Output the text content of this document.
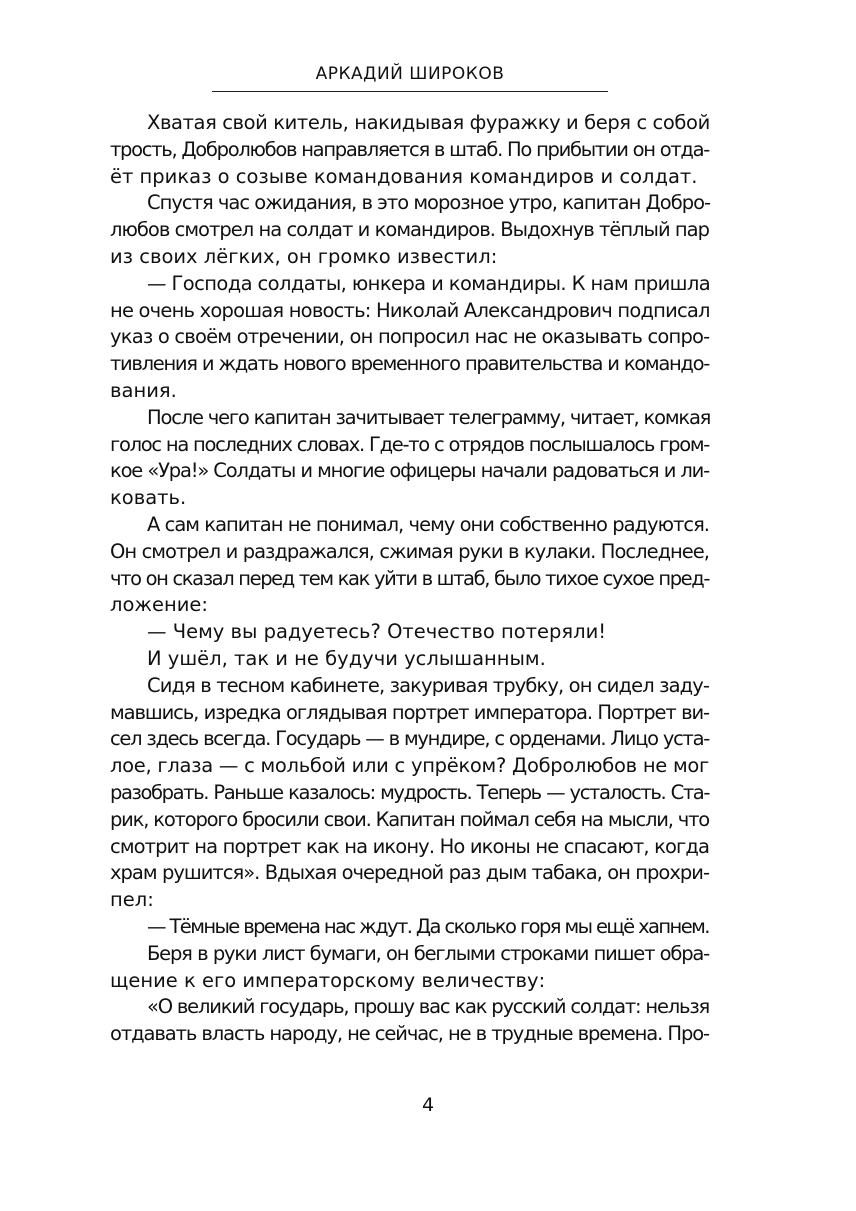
АРКАДИЙ ШИРОКОВ
Хватая свой китель, накидывая фуражку и беря с собой
трость, Добролюбов направляется в штаб. По прибытии он отда-
ёт приказ о созыве командования командиров и солдат.
Спустя час ожидания, в это морозное утро, капитан Добро-
любов смотрел на солдат и командиров. Выдохнув тёплый пар
из своих лёгких, он громко известил:
— Господа солдаты, юнкера и командиры. К нам пришла
не очень хорошая новость: Николай Александрович подписал
указ о своём отречении, он попросил нас не оказывать сопро-
тивления и ждать нового временного правительства и командо-
вания.
После чего капитан зачитывает телеграмму, читает, комкая
голос на последних словах. Где-то с отрядов послышалось гром-
кое «Ура!» Солдаты и многие офицеры начали радоваться и ли-
ковать.
А сам капитан не понимал, чему они собственно радуются.
Он смотрел и раздражался, сжимая руки в кулаки. Последнее,
что он сказал перед тем как уйти в штаб, было тихое сухое пред-
ложение:
— Чему вы радуетесь? Отечество потеряли!
И ушёл, так и не будучи услышанным.
Сидя в тесном кабинете, закуривая трубку, он сидел заду-
мавшись, изредка оглядывая портрет императора. Портрет ви-
сел здесь всегда. Государь — в мундире, с орденами. Лицо уста-
лое, глаза — с мольбой или с упрёком? Добролюбов не мог
разобрать. Раньше казалось: мудрость. Теперь — усталость. Ста-
рик, которого бросили свои. Капитан поймал себя на мысли, что
смотрит на портрет как на икону. Но иконы не спасают, когда
храм рушится». Вдыхая очередной раз дым табака, он прохри-
пел:
— Тёмные времена нас ждут. Да сколько горя мы ещё хапнем.
Беря в руки лист бумаги, он беглыми строками пишет обра-
щение к его императорскому величеству:
«О великий государь, прошу вас как русский солдат: нельзя
отдавать власть народу, не сейчас, не в трудные времена. Про-
4
